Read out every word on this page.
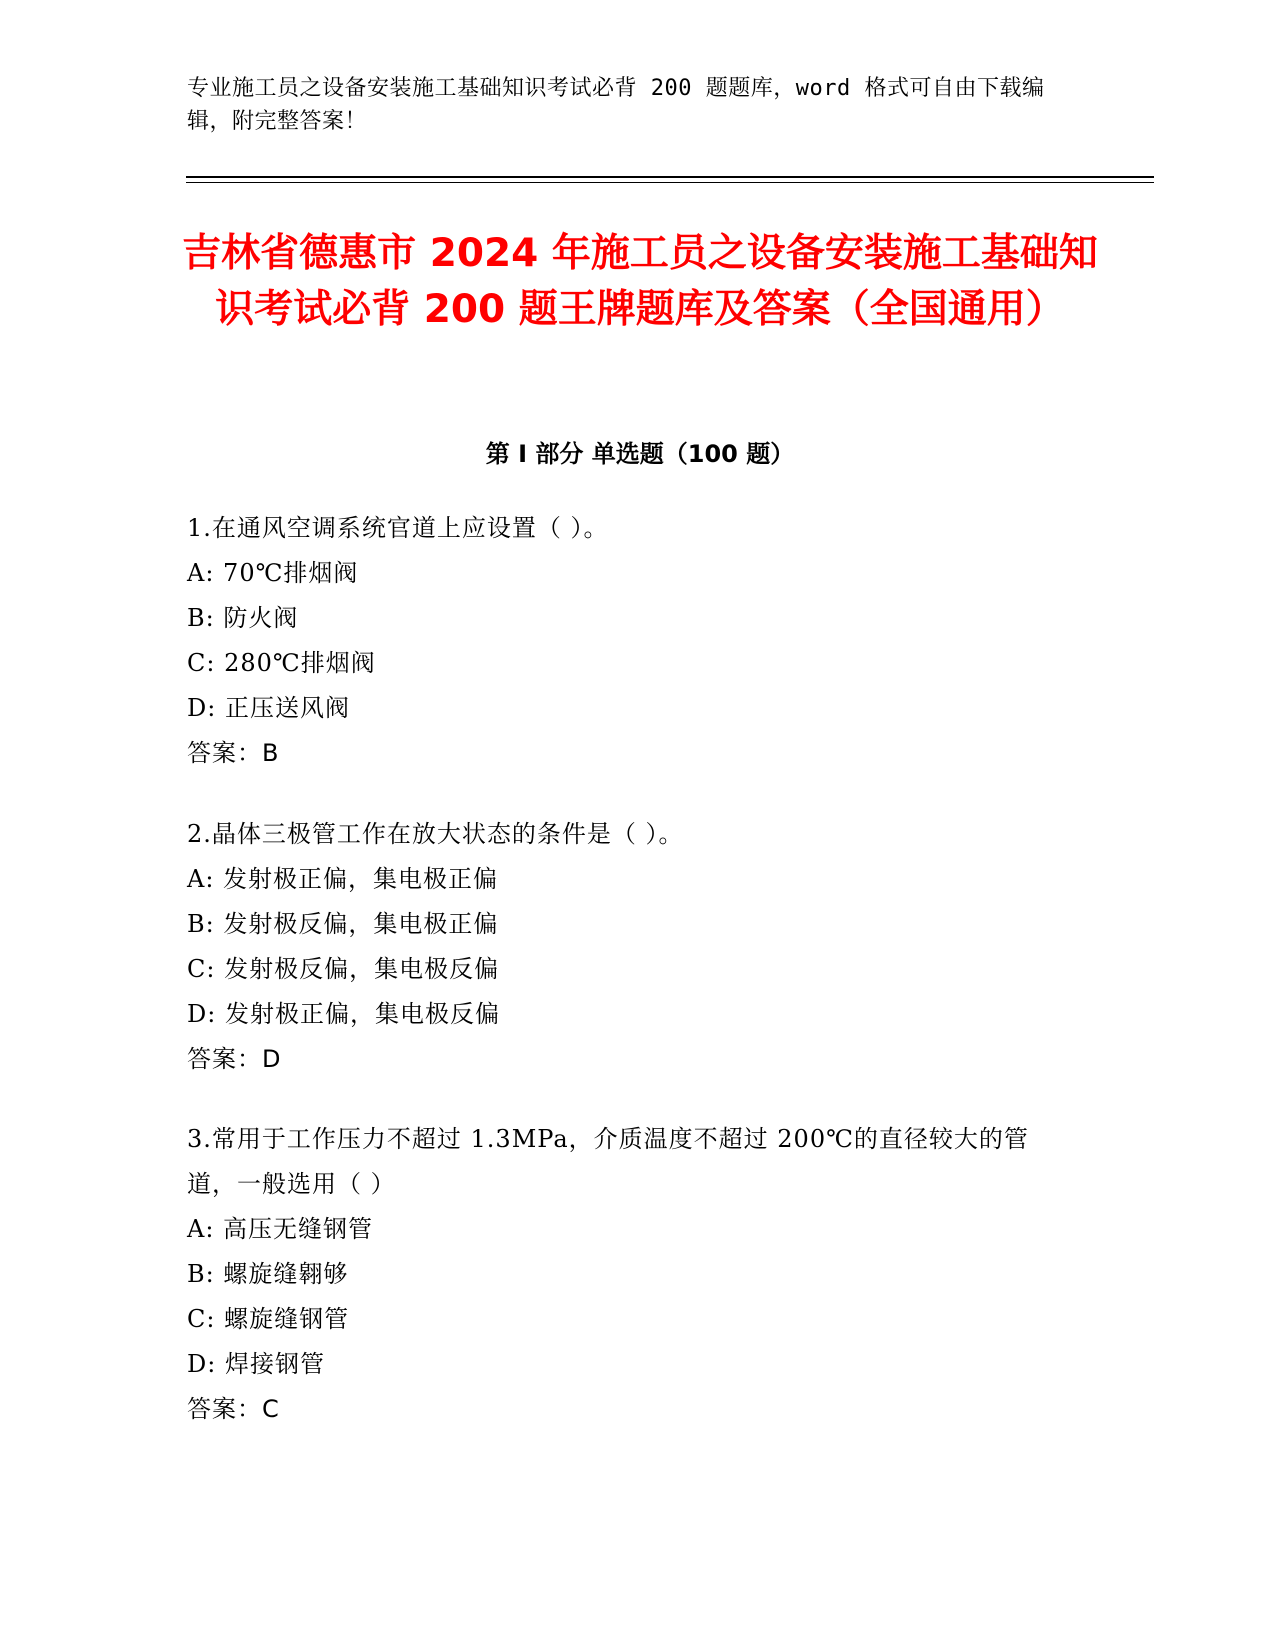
专业施工员之设备安装施工基础知识考试必背 200 题题库，word 格式可自由下载编辑，附完整答案！
吉林省德惠市 2024 年施工员之设备安装施工基础知识考试必背 200 题王牌题库及答案（全国通用）
第 I 部分 单选题（100 题）
1.在通风空调系统官道上应设置（ ）。
A: 70℃排烟阀
B: 防火阀
C: 280℃排烟阀
D: 正压送风阀
答案：B
2.晶体三极管工作在放大状态的条件是（ ）。
A: 发射极正偏，集电极正偏
B: 发射极反偏，集电极正偏
C: 发射极反偏，集电极反偏
D: 发射极正偏，集电极反偏
答案：D
3.常用于工作压力不超过 1.3MPa，介质温度不超过 200℃的直径较大的管道，一般选用（ ）
A: 高压无缝钢管
B: 螺旋缝翱够
C: 螺旋缝钢管
D: 焊接钢管
答案：C
